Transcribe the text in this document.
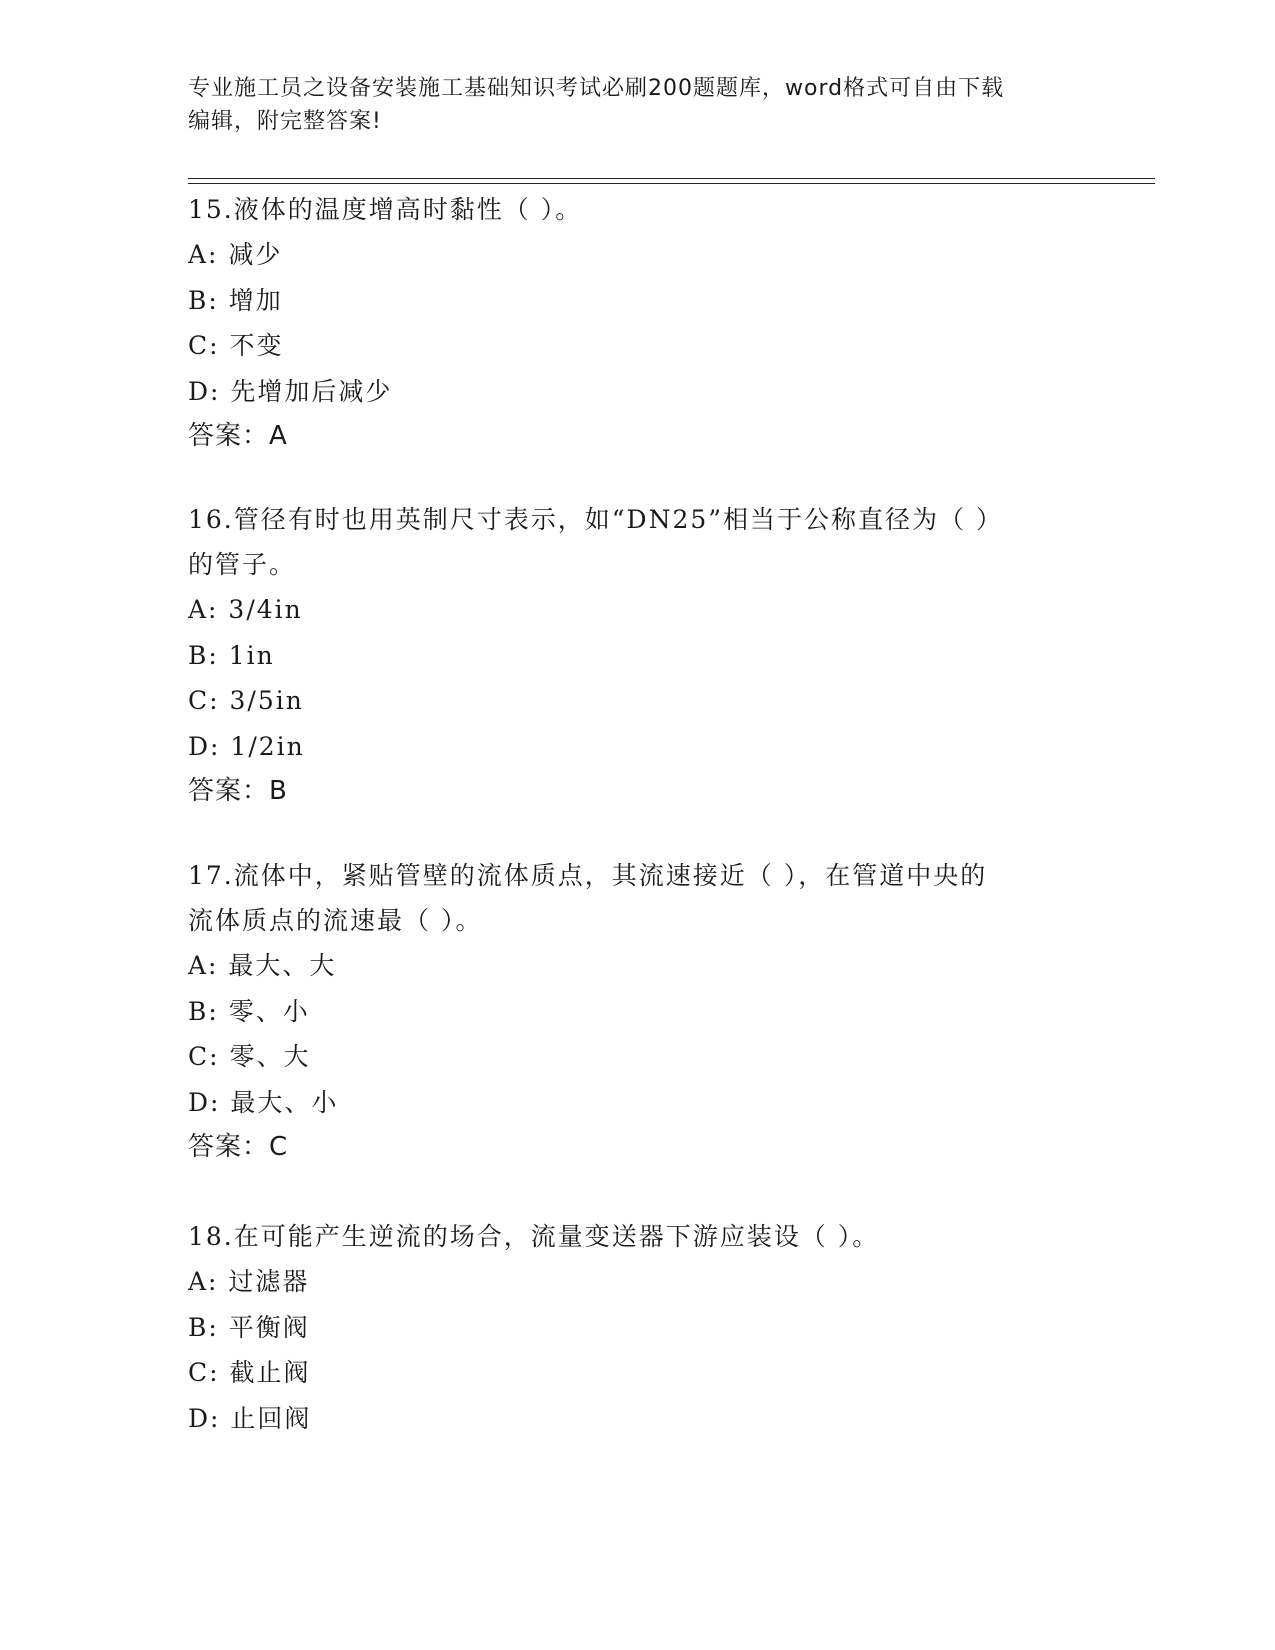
专业施工员之设备安装施工基础知识考试必刷200题题库，word格式可自由下载
编辑，附完整答案!
15.液体的温度增高时黏性（ ）。
A: 减少
B: 增加
C: 不变
D: 先增加后减少
答案：A
16.管径有时也用英制尺寸表示，如“DN25”相当于公称直径为（ ）
的管子。
A: 3/4in
B: 1in
C: 3/5in
D: 1/2in
答案：B
17.流体中，紧贴管壁的流体质点，其流速接近（ ），在管道中央的
流体质点的流速最（ ）。
A: 最大、大
B: 零、小
C: 零、大
D: 最大、小
答案：C
18.在可能产生逆流的场合，流量变送器下游应装设（ ）。
A: 过滤器
B: 平衡阀
C: 截止阀
D: 止回阀
